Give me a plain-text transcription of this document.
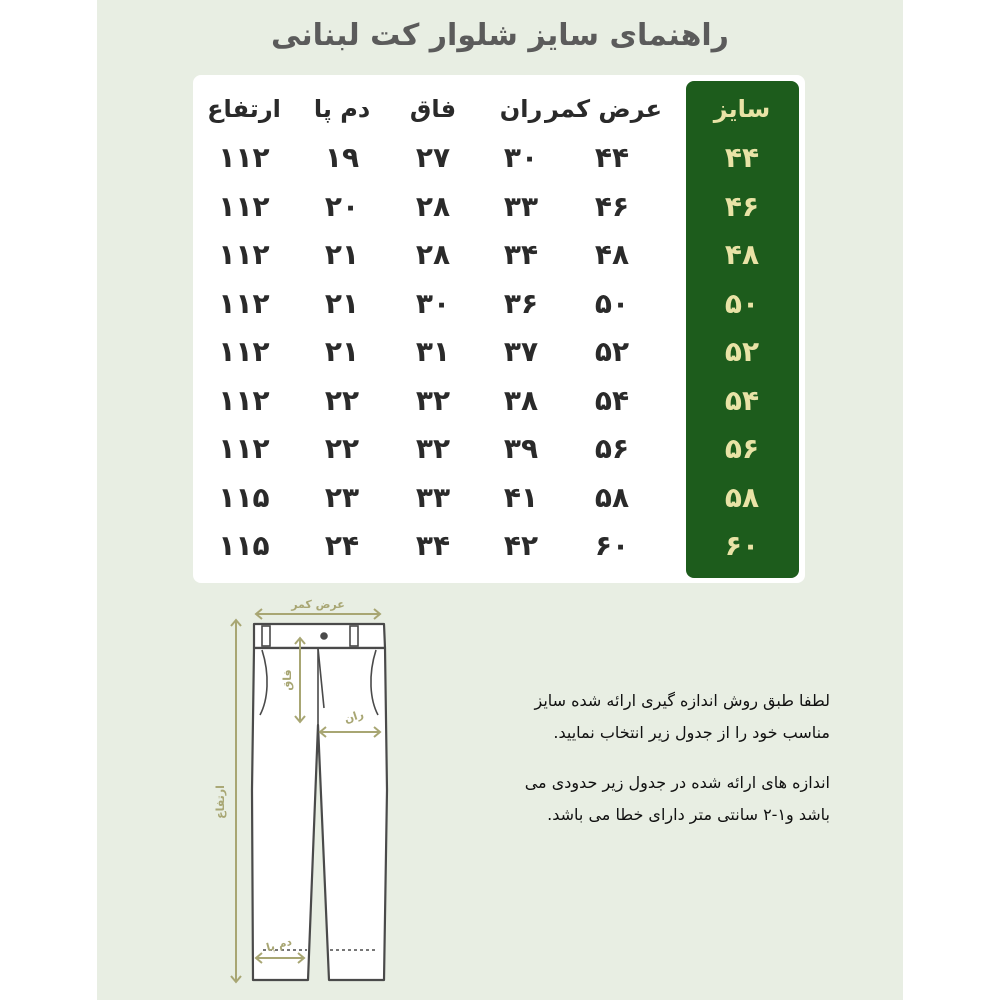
راهنمای سایز شلوار کت لبنانی
سایز
عرض کمر
ران
فاق
دم پا
ارتفاع
۴۴
۴۴
۳۰
۲۷
۱۹
۱۱۲
۴۶
۴۶
۳۳
۲۸
۲۰
۱۱۲
۴۸
۴۸
۳۴
۲۸
۲۱
۱۱۲
۵۰
۵۰
۳۶
۳۰
۲۱
۱۱۲
۵۲
۵۲
۳۷
۳۱
۲۱
۱۱۲
۵۴
۵۴
۳۸
۳۲
۲۲
۱۱۲
۵۶
۵۶
۳۹
۳۲
۲۲
۱۱۲
۵۸
۵۸
۴۱
۳۳
۲۳
۱۱۵
۶۰
۶۰
۴۲
۳۴
۲۴
۱۱۵
عرض کمر
ارتفاع
فاق
ران
دم پا
لطفا طبق روش اندازه گیری ارائه شده سایز
مناسب خود را از جدول زیر انتخاب نمایید.
اندازه های ارائه شده در جدول زیر حدودی می
باشد و۱-۲ سانتی متر دارای خطا می باشد.
